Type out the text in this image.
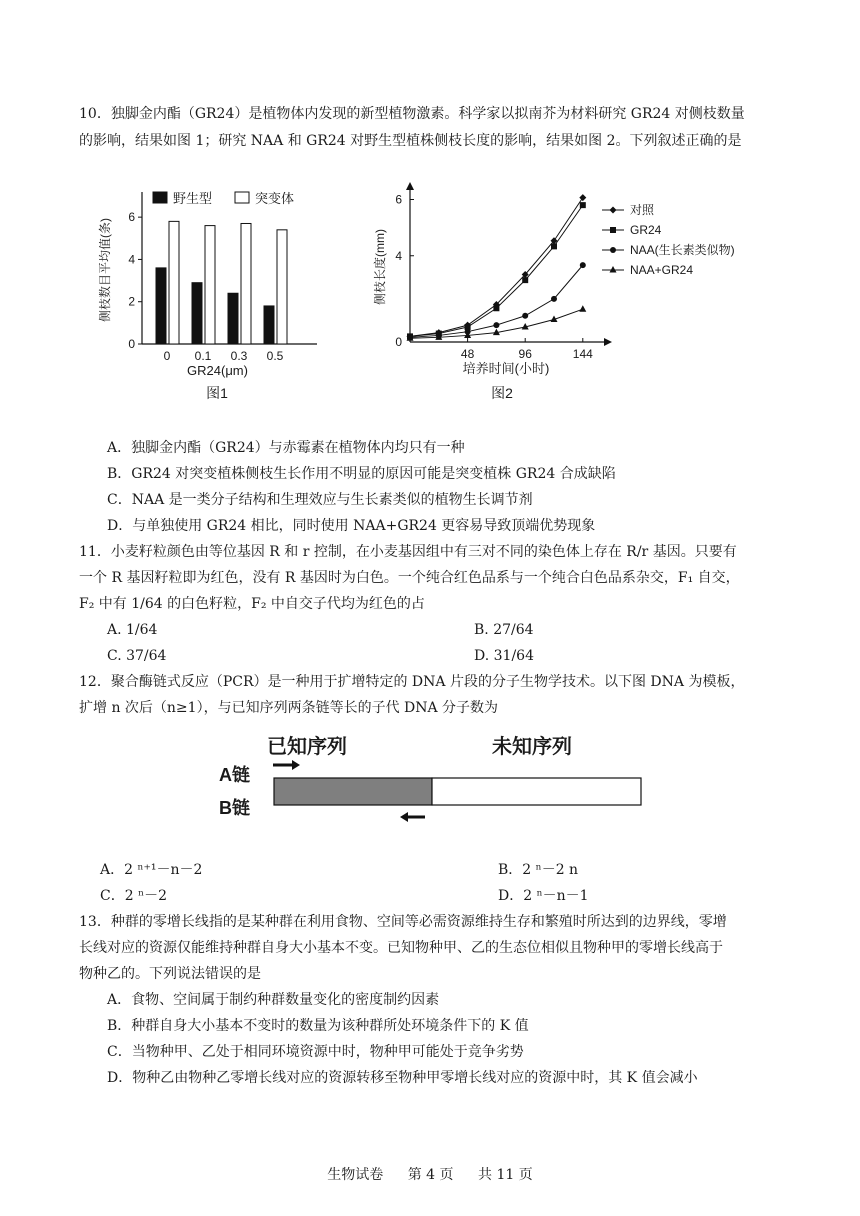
10．独脚金内酯（GR24）是植物体内发现的新型植物激素。科学家以拟南芥为材料研究 GR24 对侧枝数量
的影响，结果如图 1；研究 NAA 和 GR24 对野生型植株侧枝长度的影响，结果如图 2。下列叙述正确的是
0
2
4
6
侧枝数目平均值(条)
0 0.1 0.3 0.5
GR24(μm)
野生型	突变体
图1
0
4
6
48	96	144
培养时间(小时)
侧枝长度(mm)
对照
GR24
NAA(生长素类似物)
NAA+GR24
图2
A．独脚金内酯（GR24）与赤霉素在植物体内均只有一种
B．GR24 对突变植株侧枝生长作用不明显的原因可能是突变植株 GR24 合成缺陷
C．NAA 是一类分子结构和生理效应与生长素类似的植物生长调节剂
D．与单独使用 GR24 相比，同时使用 NAA+GR24 更容易导致顶端优势现象
11．小麦籽粒颜色由等位基因 R 和 r 控制，在小麦基因组中有三对不同的染色体上存在 R/r 基因。只要有
一个 R 基因籽粒即为红色，没有 R 基因时为白色。一个纯合红色品系与一个纯合白色品系杂交，F₁ 自交，
F₂ 中有 1/64 的白色籽粒，F₂ 中自交子代均为红色的占
A. 1/64	B. 27/64
C. 37/64	D. 31/64
12．聚合酶链式反应（PCR）是一种用于扩增特定的 DNA 片段的分子生物学技术。以下图 DNA 为模板，
扩增 n 次后（n≥1），与已知序列两条链等长的子代 DNA 分子数为
已知序列	未知序列
A链
B链
A．2 ⁿ⁺¹－n－2	B．2 ⁿ－2 n
C．2 ⁿ－2	D．2 ⁿ－n－1
13．种群的零增长线指的是某种群在利用食物、空间等必需资源维持生存和繁殖时所达到的边界线，零增
长线对应的资源仅能维持种群自身大小基本不变。已知物种甲、乙的生态位相似且物种甲的零增长线高于
物种乙的。下列说法错误的是
A．食物、空间属于制约种群数量变化的密度制约因素
B．种群自身大小基本不变时的数量为该种群所处环境条件下的 K 值
C．当物种甲、乙处于相同环境资源中时，物种甲可能处于竞争劣势
D．物种乙由物种乙零增长线对应的资源转移至物种甲零增长线对应的资源中时，其 K 值会减小
生物试卷 第 4 页 共 11 页
